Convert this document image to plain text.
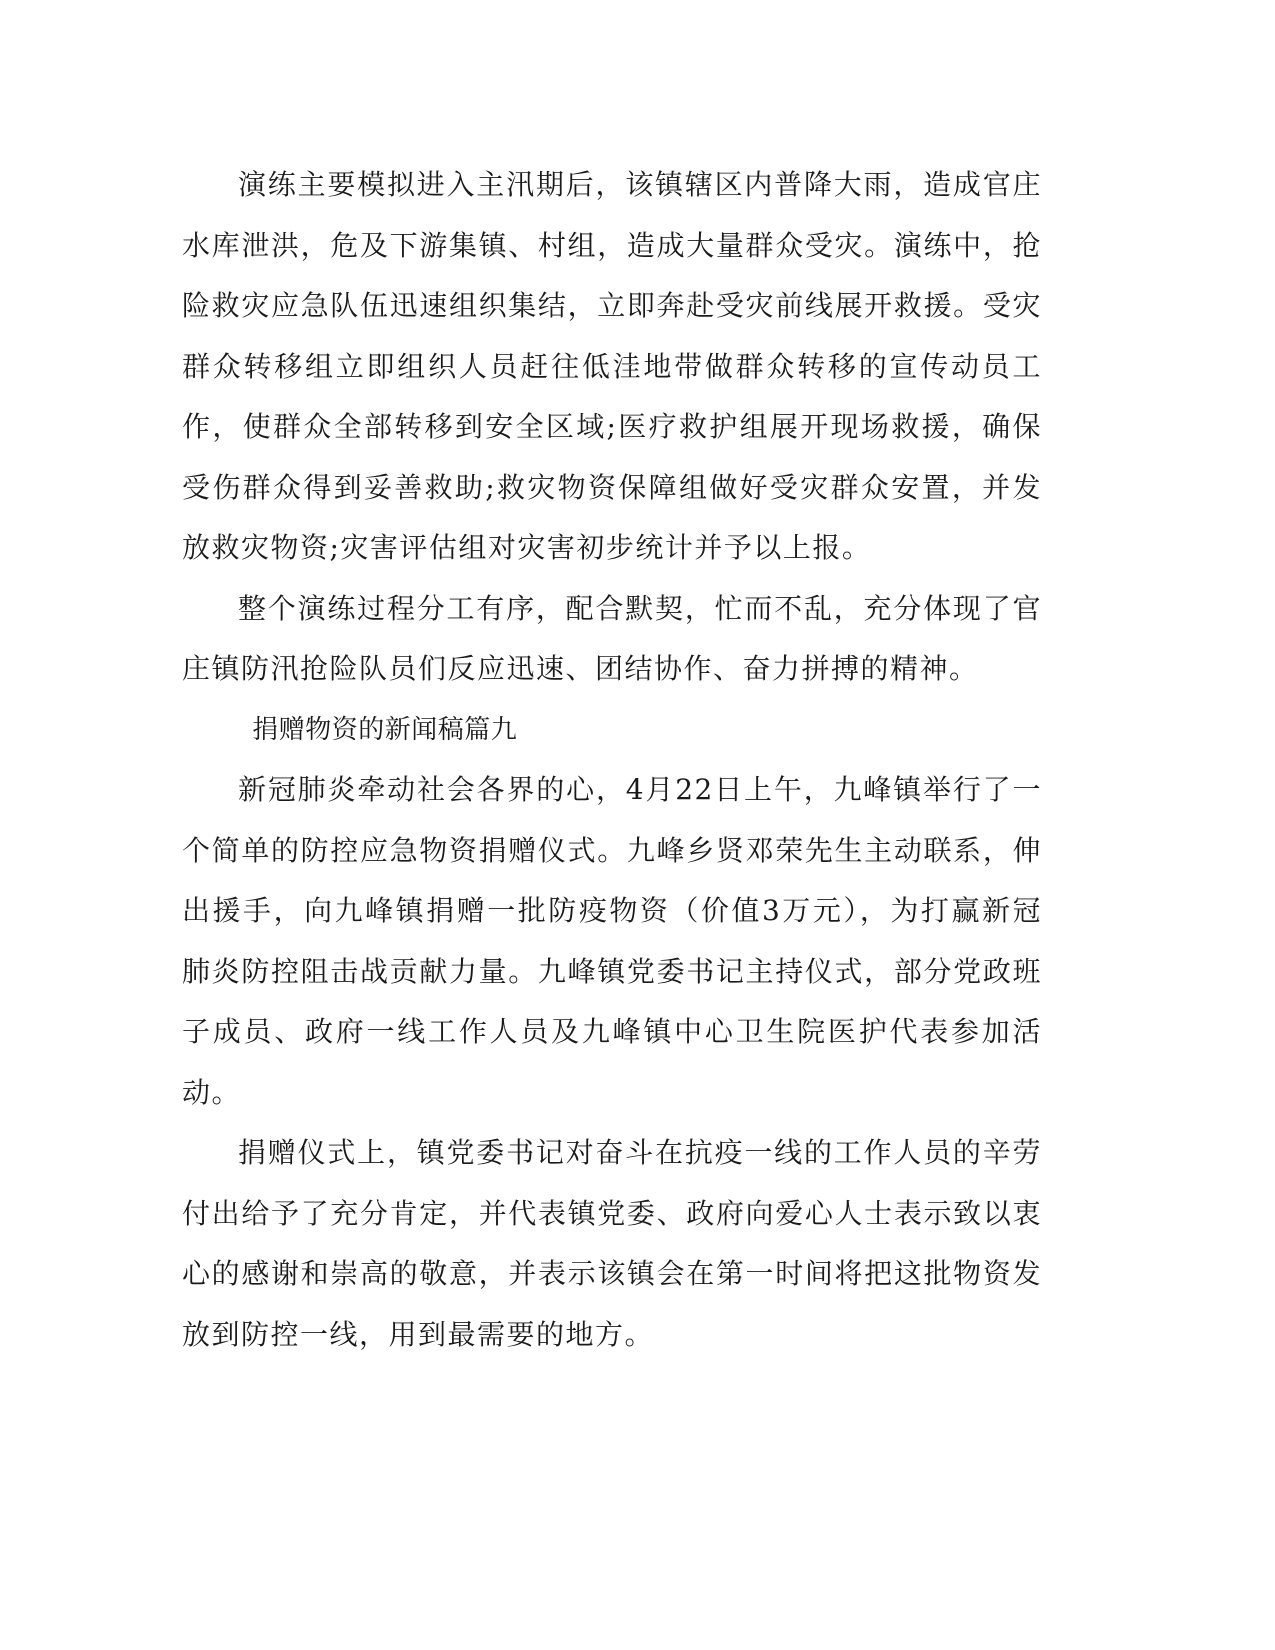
演练主要模拟进入主汛期后，该镇辖区内普降大雨，造成官庄水库泄洪，危及下游集镇、村组，造成大量群众受灾。演练中，抢险救灾应急队伍迅速组织集结，立即奔赴受灾前线展开救援。受灾群众转移组立即组织人员赶往低洼地带做群众转移的宣传动员工作，使群众全部转移到安全区域;医疗救护组展开现场救援，确保受伤群众得到妥善救助;救灾物资保障组做好受灾群众安置，并发放救灾物资;灾害评估组对灾害初步统计并予以上报。

整个演练过程分工有序，配合默契，忙而不乱，充分体现了官庄镇防汛抢险队员们反应迅速、团结协作、奋力拼搏的精神。

捐赠物资的新闻稿篇九

新冠肺炎牵动社会各界的心，4月22日上午，九峰镇举行了一个简单的防控应急物资捐赠仪式。九峰乡贤邓荣先生主动联系，伸出援手，向九峰镇捐赠一批防疫物资（价值3万元），为打赢新冠肺炎防控阻击战贡献力量。九峰镇党委书记主持仪式，部分党政班子成员、政府一线工作人员及九峰镇中心卫生院医护代表参加活动。

捐赠仪式上，镇党委书记对奋斗在抗疫一线的工作人员的辛劳付出给予了充分肯定，并代表镇党委、政府向爱心人士表示致以衷心的感谢和崇高的敬意，并表示该镇会在第一时间将把这批物资发放到防控一线，用到最需要的地方。
